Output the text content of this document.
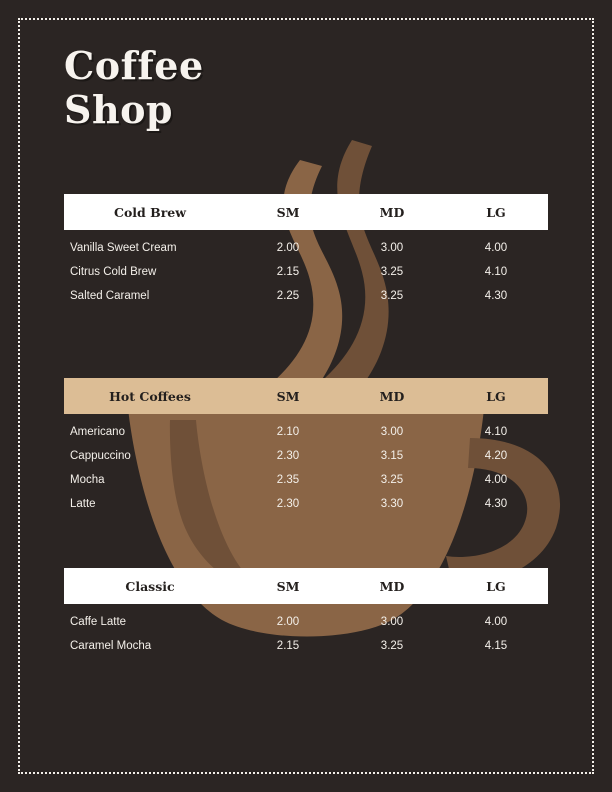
Coffee
Shop
Cold Brew	SM	MD	LG
Vanilla Sweet Cream	2.00	3.00	4.00
Citrus Cold Brew	2.15	3.25	4.10
Salted Caramel	2.25	3.25	4.30
Hot Coffees	SM	MD	LG
Americano	2.10	3.00	4.10
Cappuccino	2.30	3.15	4.20
Mocha	2.35	3.25	4.00
Latte	2.30	3.30	4.30
Classic	SM	MD	LG
Caffe Latte	2.00	3.00	4.00
Caramel Mocha	2.15	3.25	4.15
